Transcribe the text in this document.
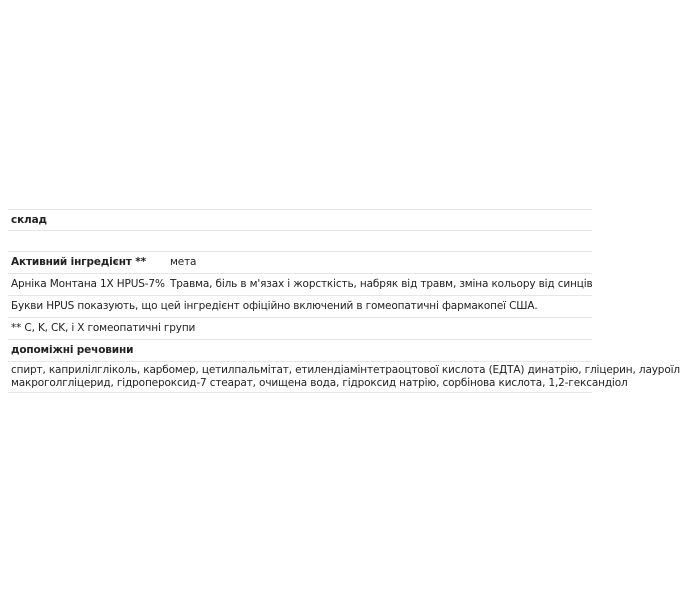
склад
Активний інгредієнт **	мета
Арніка Монтана 1X HPUS-7% Травма, біль в м'язах і жорсткість, набряк від травм, зміна кольору від синців
Букви HPUS показують, що цей інгредієнт офіційно включений в гомеопатичні фармакопеї США.
** C, K, CK, і X гомеопатичні групи
допоміжні речовини
спирт, каприлілгліколь, карбомер, цетилпальмітат, етилендіамінтетраоцтової кислота (ЕДТА) динатрію, гліцерин, лауроїл
макроголгліцерид, гідропероксид-7 стеарат, очищена вода, гідроксид натрію, сорбінова кислота, 1,2-гександіол
